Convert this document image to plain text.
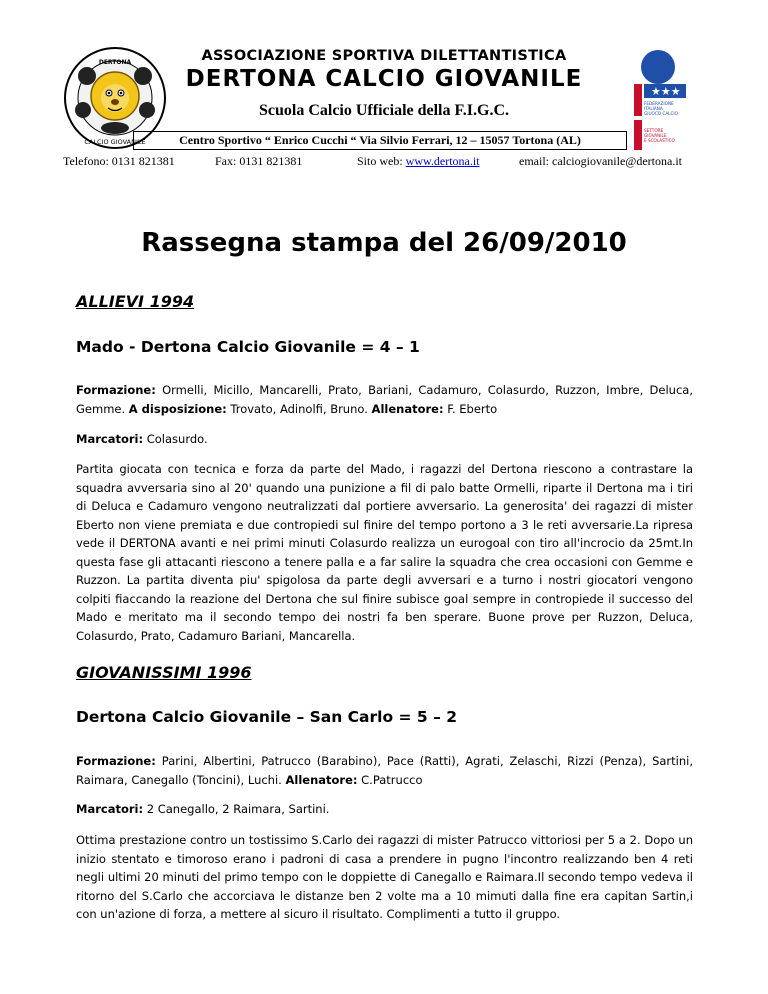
DERTONA
CALCIO GIOVANILE
★★★
FEDERAZIONE
ITALIANA
GIUOCO CALCIO
SETTORE
GIOVANILE
E SCOLASTICO
ASSOCIAZIONE SPORTIVA DILETTANTISTICA
DERTONA CALCIO GIOVANILE
Scuola Calcio Ufficiale della F.I.G.C.
Centro Sportivo “ Enrico Cucchi “ Via Silvio Ferrari, 12 – 15057 Tortona (AL)
Telefono: 0131 821381	Fax: 0131 821381	Sito web: www.dertona.it	email: calciogiovanile@dertona.it
Rassegna stampa del 26/09/2010
ALLIEVI 1994
Mado - Dertona Calcio Giovanile = 4 – 1

Formazione: Ormelli, Micillo, Mancarelli, Prato, Bariani, Cadamuro, Colasurdo, Ruzzon, Imbre, Deluca, Gemme. A disposizione: Trovato, Adinolfi, Bruno. Allenatore: F. Eberto

Marcatori: Colasurdo.

Partita giocata con tecnica e forza da parte del Mado, i ragazzi del Dertona riescono a contrastare la squadra avversaria sino al 20' quando una punizione a fil di palo batte Ormelli, riparte il Dertona ma i tiri di Deluca e Cadamuro vengono neutralizzati dal portiere avversario. La generosita' dei ragazzi di mister Eberto non viene premiata e due contropiedi sul finire del tempo portono a 3 le reti avversarie.La ripresa vede il DERTONA avanti e nei primi minuti Colasurdo realizza un eurogoal con tiro all'incrocio da 25mt.In questa fase gli attacanti riescono a tenere palla e a far salire la squadra che crea occasioni con Gemme e Ruzzon. La partita diventa piu' spigolosa da parte degli avversari e a turno i nostri giocatori vengono colpiti fiaccando la reazione del Dertona che sul finire subisce goal sempre in contropiede il successo del Mado e meritato ma il secondo tempo dei nostri fa ben sperare. Buone prove per Ruzzon, Deluca, Colasurdo, Prato, Cadamuro Bariani, Mancarella.

GIOVANISSIMI 1996
Dertona Calcio Giovanile – San Carlo = 5 – 2

Formazione: Parini, Albertini, Patrucco (Barabino), Pace (Ratti), Agrati, Zelaschi, Rizzi (Penza), Sartini, Raimara, Canegallo (Toncini), Luchi. Allenatore: C.Patrucco

Marcatori: 2 Canegallo, 2 Raimara, Sartini.

Ottima prestazione contro un tostissimo S.Carlo dei ragazzi di mister Patrucco vittoriosi per 5 a 2. Dopo un inizio stentato e timoroso erano i padroni di casa a prendere in pugno l'incontro realizzando ben 4 reti negli ultimi 20 minuti del primo tempo con le doppiette di Canegallo e Raimara.Il secondo tempo vedeva il ritorno del S.Carlo che accorciava le distanze ben 2 volte ma a 10 mimuti dalla fine era capitan Sartin,i con un'azione di forza, a mettere al sicuro il risultato. Complimenti a tutto il gruppo.
